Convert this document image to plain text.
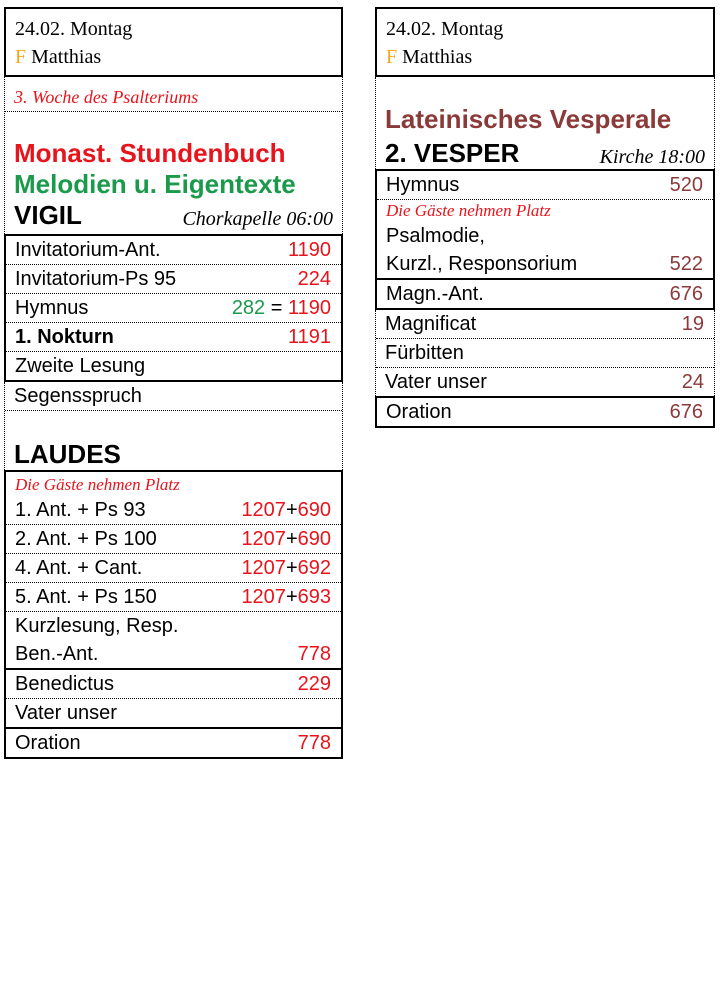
24.02. Montag
F Matthias
3. Woche des Psalteriums
Monast. Stundenbuch
Melodien u. Eigentexte
VIGIL	Chorkapelle 06:00
Invitatorium-Ant.	1190
Invitatorium-Ps 95	224
Hymnus	282 = 1190
1. Nokturn	1191
Zweite Lesung
Segensspruch
LAUDES
Die Gäste nehmen Platz
1. Ant. + Ps 93	1207+690
2. Ant. + Ps 100	1207+690
4. Ant. + Cant.	1207+692
5. Ant. + Ps 150	1207+693
Kurzlesung, Resp.
Ben.-Ant.	778
Benedictus	229
Vater unser
Oration	778
24.02. Montag
F Matthias
Lateinisches Vesperale
2. VESPER	Kirche 18:00
Hymnus	520
Die Gäste nehmen Platz
Psalmodie,
Kurzl., Responsorium	522
Magn.-Ant.	676
Magnificat	19
Fürbitten
Vater unser	24
Oration	676
